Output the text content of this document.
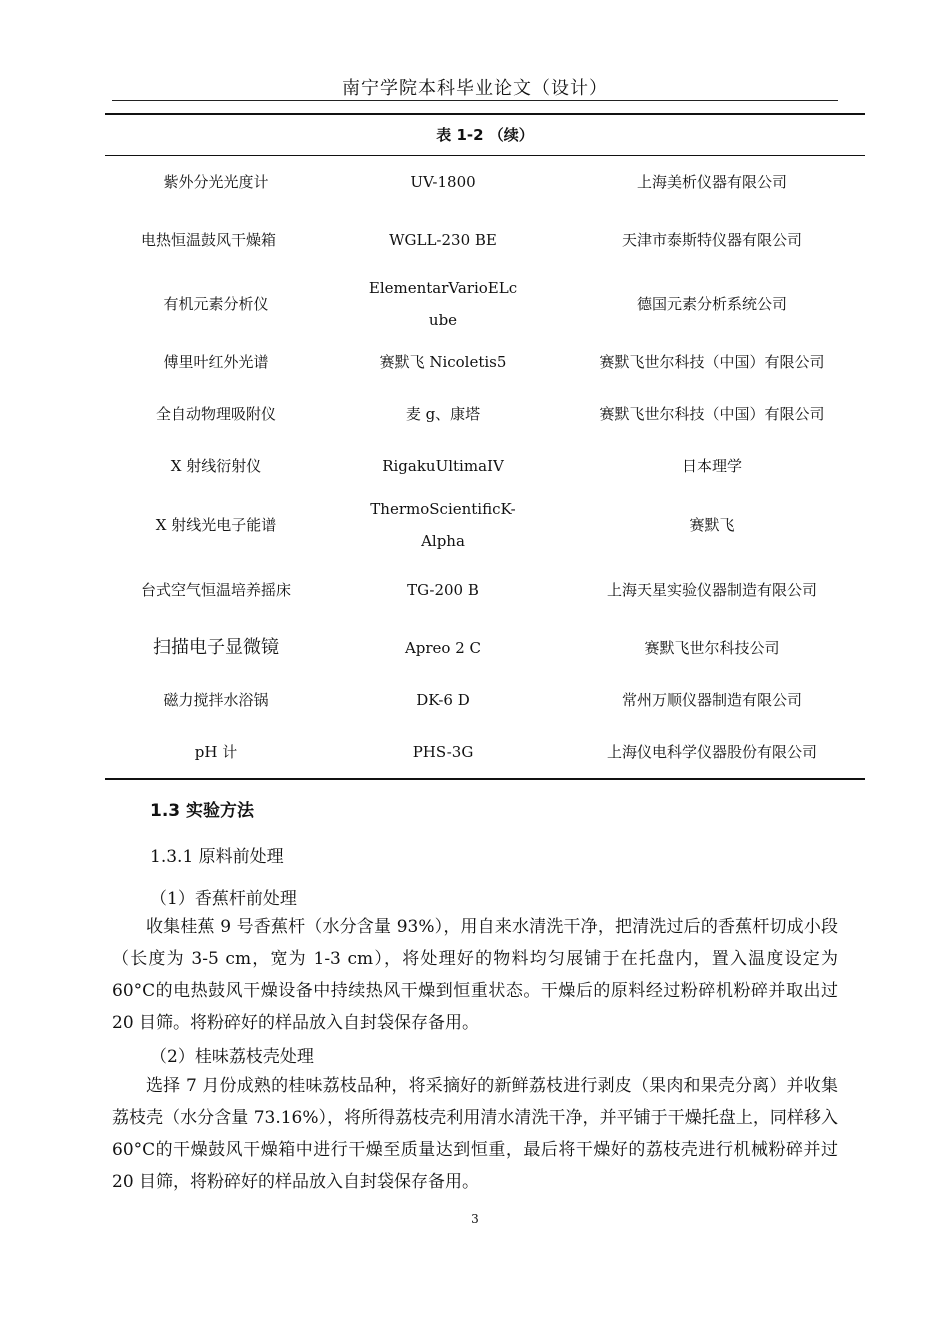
南宁学院本科毕业论文（设计）
表 1-2 （续）
紫外分光光度计	UV-1800	上海美析仪器有限公司
电热恒温鼓风干燥箱	WGLL-230 BE	天津市泰斯特仪器有限公司
有机元素分析仪	ElementarVarioELcube	德国元素分析系统公司
傅里叶红外光谱	赛默飞 Nicoletis5	赛默飞世尔科技（中国）有限公司
全自动物理吸附仪	麦 g、康塔	赛默飞世尔科技（中国）有限公司
X 射线衍射仪	RigakuUltimaIV	日本理学
X 射线光电子能谱	ThermoScientificK-Alpha	赛默飞
台式空气恒温培养摇床	TG-200 B	上海天星实验仪器制造有限公司
扫描电子显微镜	Apreo 2 C	赛默飞世尔科技公司
磁力搅拌水浴锅	DK-6 D	常州万顺仪器制造有限公司
pH 计	PHS-3G	上海仪电科学仪器股份有限公司
1.3 实验方法
1.3.1 原料前处理
（1）香蕉杆前处理
收集桂蕉 9 号香蕉杆（水分含量 93%），用自来水清洗干净，把清洗过后的香蕉杆切成小段（长度为 3-5 cm，宽为 1-3 cm），将处理好的物料均匀展铺于在托盘内，置入温度设定为 60°C的电热鼓风干燥设备中持续热风干燥到恒重状态。干燥后的原料经过粉碎机粉碎并取出过 20 目筛。将粉碎好的样品放入自封袋保存备用。
（2）桂味荔枝壳处理
选择 7 月份成熟的桂味荔枝品种，将采摘好的新鲜荔枝进行剥皮（果肉和果壳分离）并收集荔枝壳（水分含量 73.16%），将所得荔枝壳利用清水清洗干净，并平铺于干燥托盘上，同样移入 60°C的干燥鼓风干燥箱中进行干燥至质量达到恒重，最后将干燥好的荔枝壳进行机械粉碎并过 20 目筛，将粉碎好的样品放入自封袋保存备用。
3
